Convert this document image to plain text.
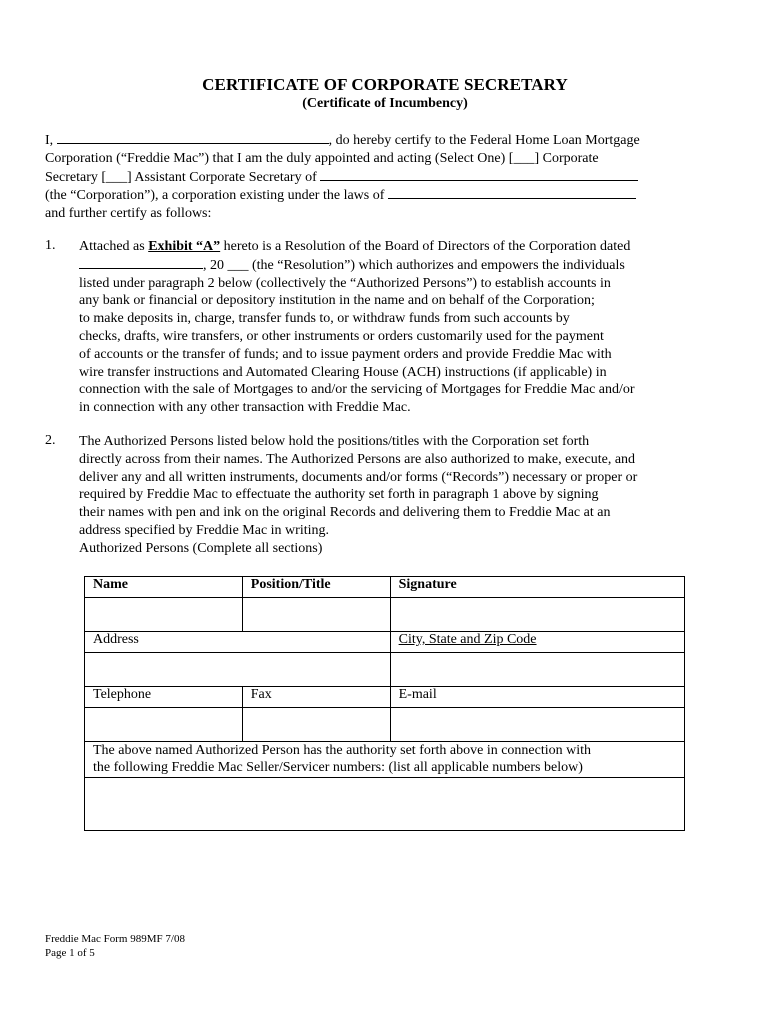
CERTIFICATE OF CORPORATE SECRETARY
(Certificate of Incumbency)
I,	, do hereby certify to the Federal Home Loan Mortgage
Corporation (“Freddie Mac”) that I am the duly appointed and acting (Select One) [___] Corporate
Secretary [___] Assistant Corporate Secretary of
(the “Corporation”), a corporation existing under the laws of
and further certify as follows:
1. Attached as Exhibit “A” hereto is a Resolution of the Board of Directors of the Corporation dated
, 20 ___ (the “Resolution”) which authorizes and empowers the individuals
listed under paragraph 2 below (collectively the “Authorized Persons”) to establish accounts in
any bank or financial or depository institution in the name and on behalf of the Corporation;
to make deposits in, charge, transfer funds to, or withdraw funds from such accounts by
checks, drafts, wire transfers, or other instruments or orders customarily used for the payment
of accounts or the transfer of funds; and to issue payment orders and provide Freddie Mac with
wire transfer instructions and Automated Clearing House (ACH) instructions (if applicable) in
connection with the sale of Mortgages to and/or the servicing of Mortgages for Freddie Mac and/or
in connection with any other transaction with Freddie Mac.
2. The Authorized Persons listed below hold the positions/titles with the Corporation set forth
directly across from their names. The Authorized Persons are also authorized to make, execute, and
deliver any and all written instruments, documents and/or forms (“Records”) necessary or proper or
required by Freddie Mac to effectuate the authority set forth in paragraph 1 above by signing
their names with pen and ink on the original Records and delivering them to Freddie Mac at an
address specified by Freddie Mac in writing.
Authorized Persons (Complete all sections)
Name	Position/Title	Signature

Address		City, State and Zip Code

Telephone	Fax	E-mail

The above named Authorized Person has the authority set forth above in connection with
the following Freddie Mac Seller/Servicer numbers: (list all applicable numbers below)		

Freddie Mac Form 989MF 7/08
Page 1 of 5
